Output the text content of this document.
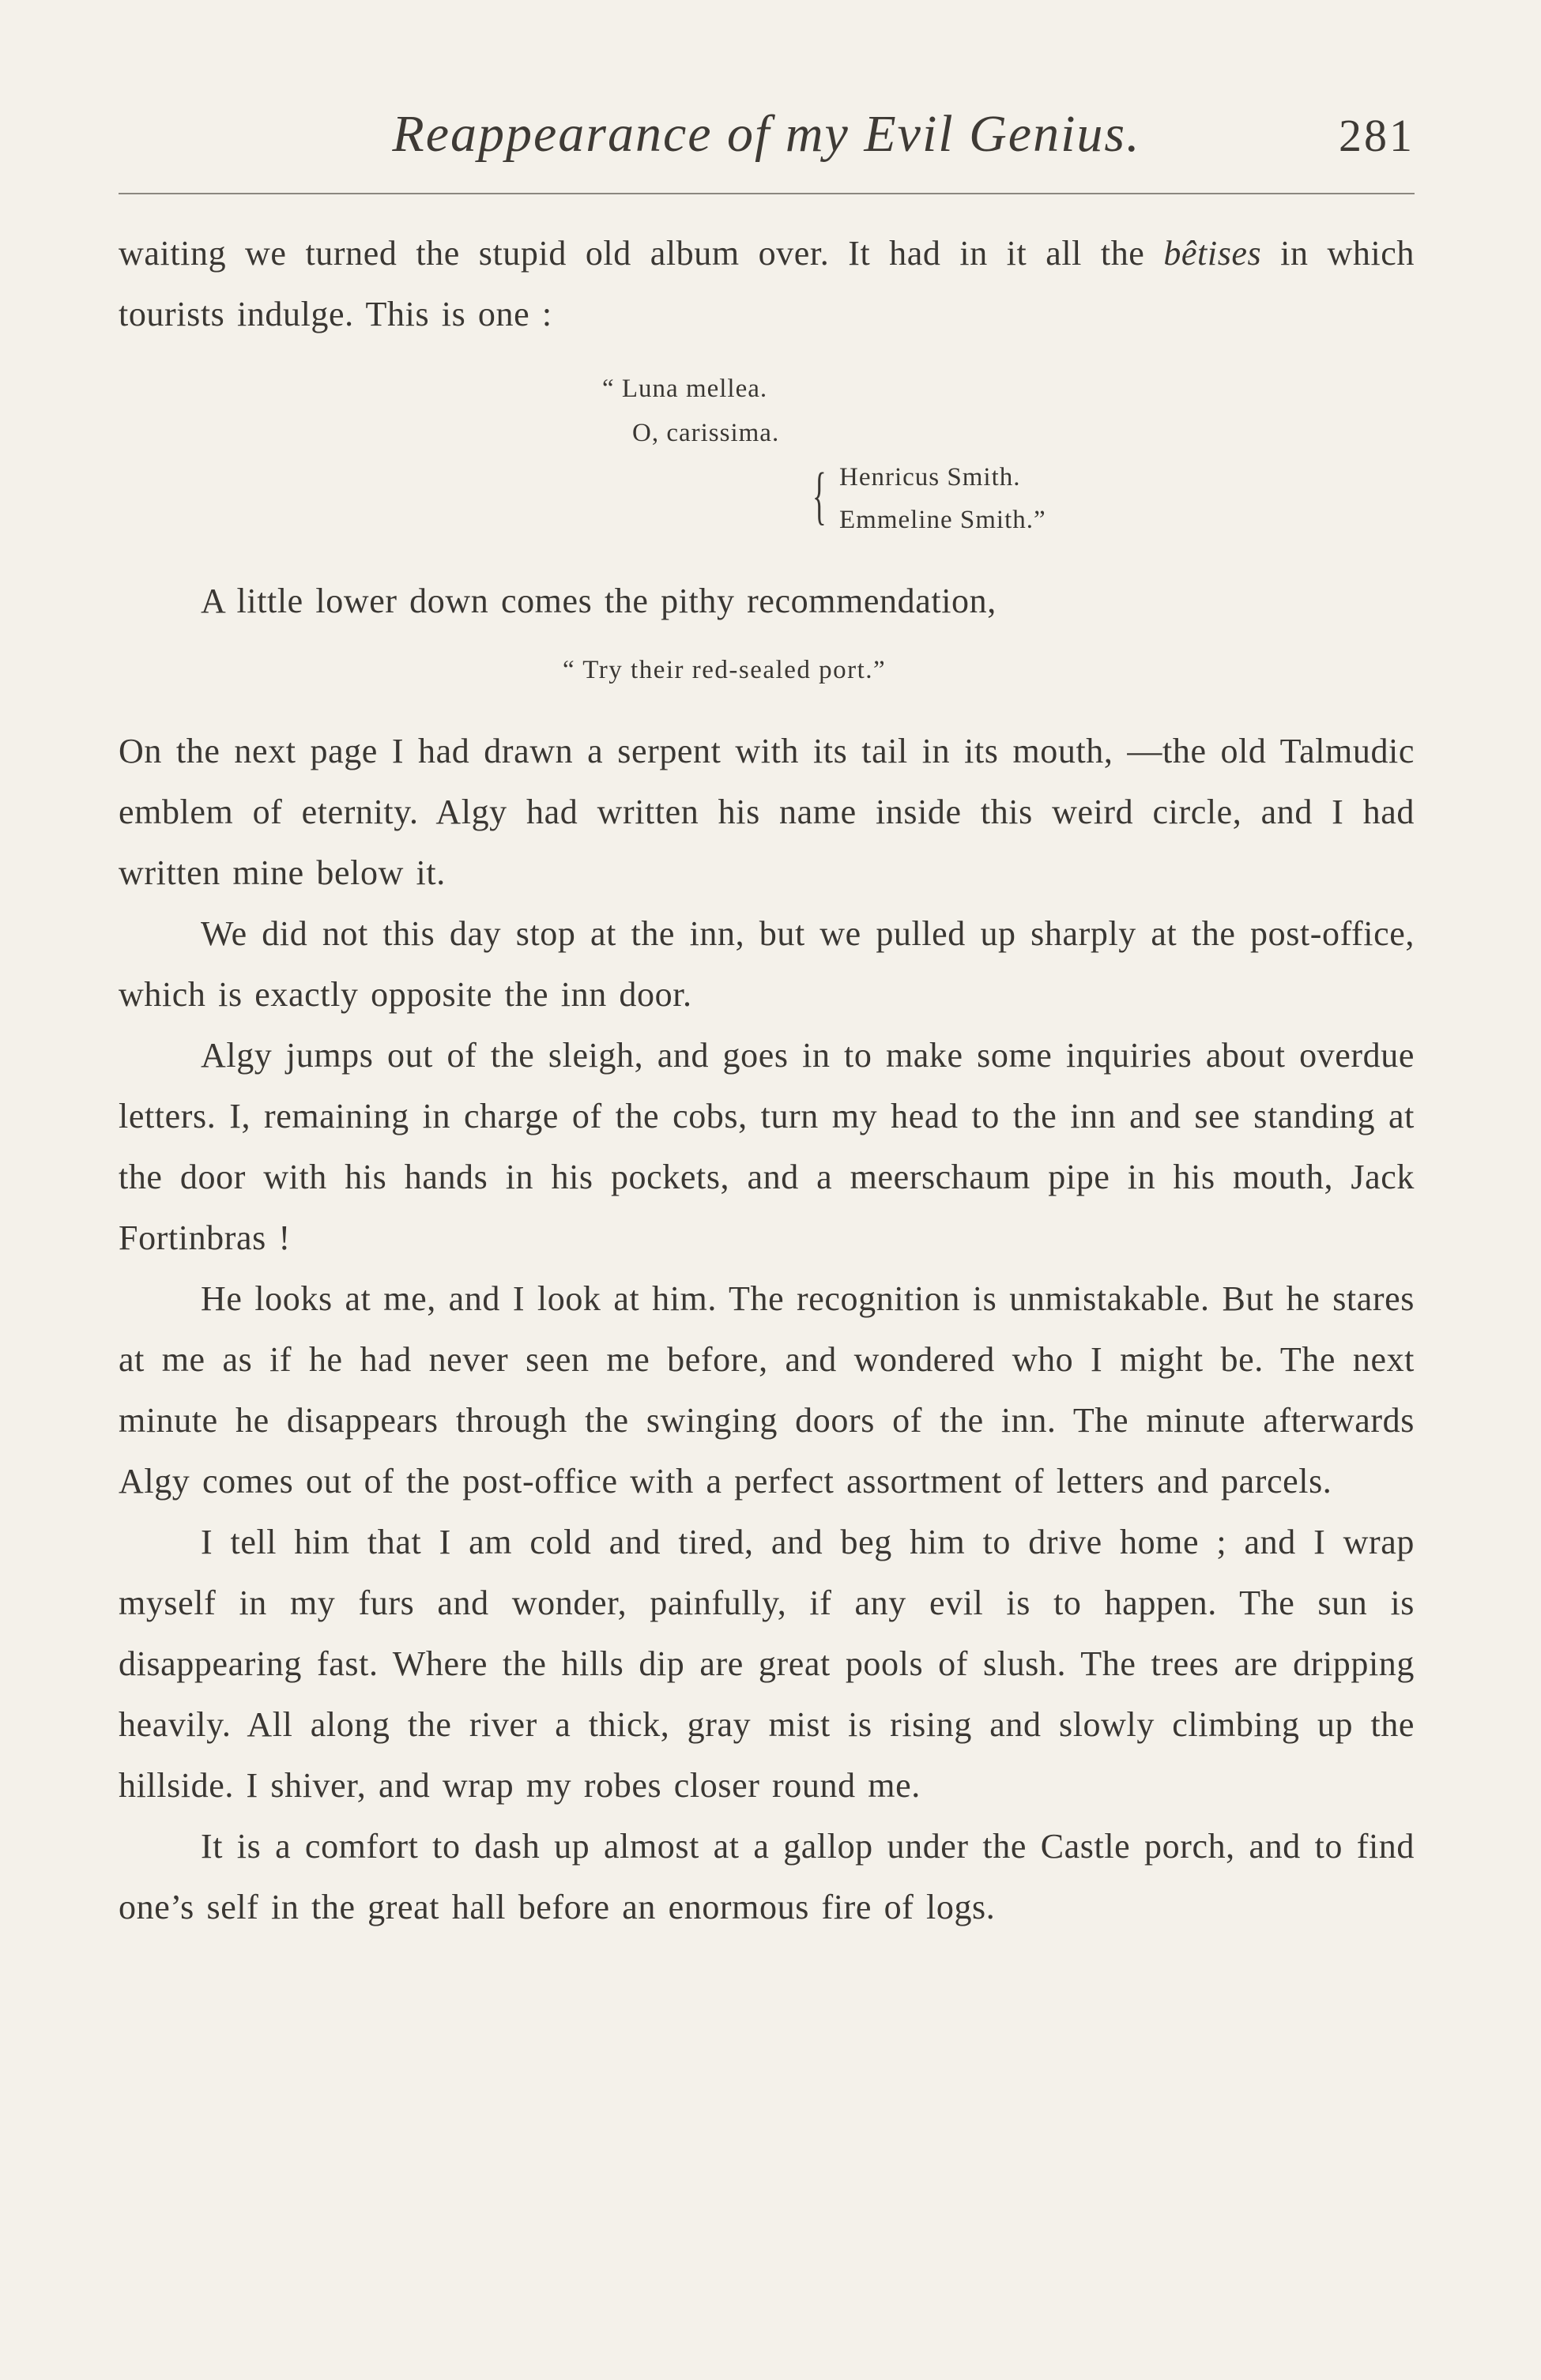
Reappearance of my Evil Genius.	281

waiting we turned the stupid old album over. It had in it all the bêtises in which tourists indulge. This is one :

“ Luna mellea.
O, carissima.
{ Henricus Smith.
Emmeline Smith.”

A little lower down comes the pithy recommendation,

“ Try their red-sealed port.”

On the next page I had drawn a serpent with its tail in its mouth, —the old Talmudic emblem of eternity. Algy had written his name inside this weird circle, and I had written mine below it.

We did not this day stop at the inn, but we pulled up sharply at the post-office, which is exactly opposite the inn door.

Algy jumps out of the sleigh, and goes in to make some inquiries about overdue letters. I, remaining in charge of the cobs, turn my head to the inn and see standing at the door with his hands in his pockets, and a meerschaum pipe in his mouth, Jack Fortinbras !

He looks at me, and I look at him. The recognition is unmistakable. But he stares at me as if he had never seen me before, and wondered who I might be. The next minute he disappears through the swinging doors of the inn. The minute afterwards Algy comes out of the post-office with a perfect assortment of letters and parcels.

I tell him that I am cold and tired, and beg him to drive home ; and I wrap myself in my furs and wonder, painfully, if any evil is to happen. The sun is disappearing fast. Where the hills dip are great pools of slush. The trees are dripping heavily. All along the river a thick, gray mist is rising and slowly climbing up the hillside. I shiver, and wrap my robes closer round me.

It is a comfort to dash up almost at a gallop under the Castle porch, and to find one’s self in the great hall before an enormous fire of logs.
